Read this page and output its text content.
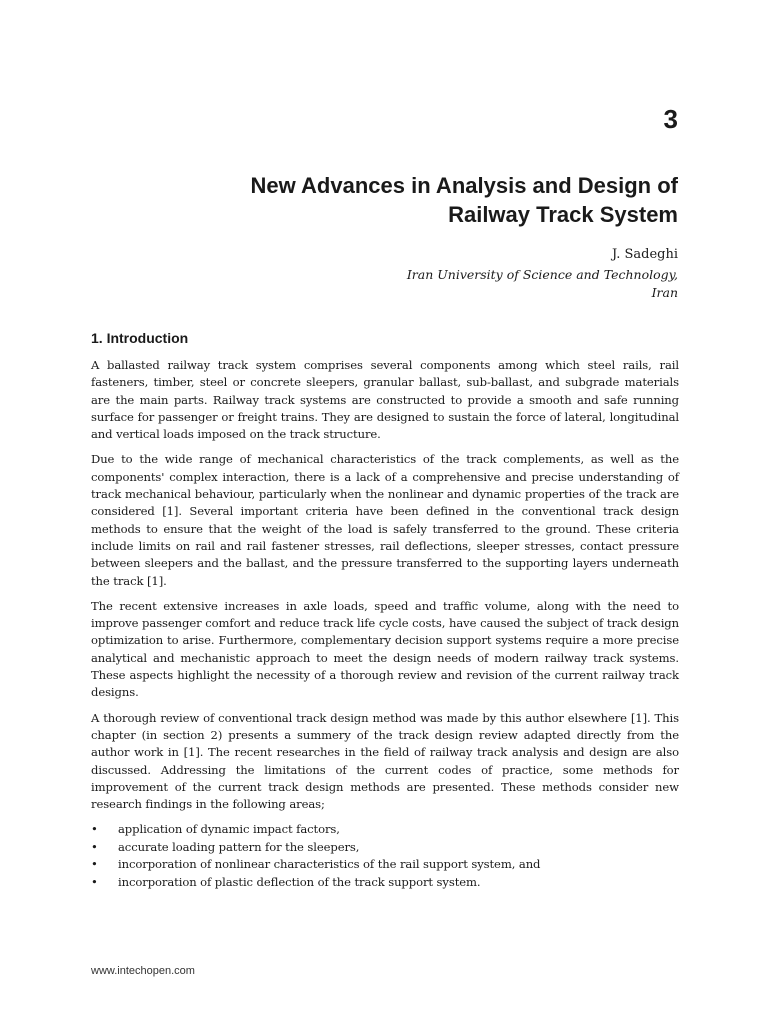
3
New Advances in Analysis and Design of
Railway Track System
J. Sadeghi
Iran University of Science and Technology,
Iran
1. Introduction

A ballasted railway track system comprises several components among which steel rails, rail fasteners, timber, steel or concrete sleepers, granular ballast, sub-ballast, and subgrade materials are the main parts. Railway track systems are constructed to provide a smooth and safe running surface for passenger or freight trains. They are designed to sustain the force of lateral, longitudinal and vertical loads imposed on the track structure.

Due to the wide range of mechanical characteristics of the track complements, as well as the components' complex interaction, there is a lack of a comprehensive and precise understanding of track mechanical behaviour, particularly when the nonlinear and dynamic properties of the track are considered [1]. Several important criteria have been defined in the conventional track design methods to ensure that the weight of the load is safely transferred to the ground. These criteria include limits on rail and rail fastener stresses, rail deflections, sleeper stresses, contact pressure between sleepers and the ballast, and the pressure transferred to the supporting layers underneath the track [1].

The recent extensive increases in axle loads, speed and traffic volume, along with the need to improve passenger comfort and reduce track life cycle costs, have caused the subject of track design optimization to arise. Furthermore, complementary decision support systems require a more precise analytical and mechanistic approach to meet the design needs of modern railway track systems. These aspects highlight the necessity of a thorough review and revision of the current railway track designs.

A thorough review of conventional track design method was made by this author elsewhere [1]. This chapter (in section 2) presents a summery of the track design review adapted directly from the author work in [1]. The recent researches in the field of railway track analysis and design are also discussed. Addressing the limitations of the current codes of practice, some methods for improvement of the current track design methods are presented. These methods consider new research findings in the following areas;

• application of dynamic impact factors,
• accurate loading pattern for the sleepers,
• incorporation of nonlinear characteristics of the rail support system, and
• incorporation of plastic deflection of the track support system.
www.intechopen.com
